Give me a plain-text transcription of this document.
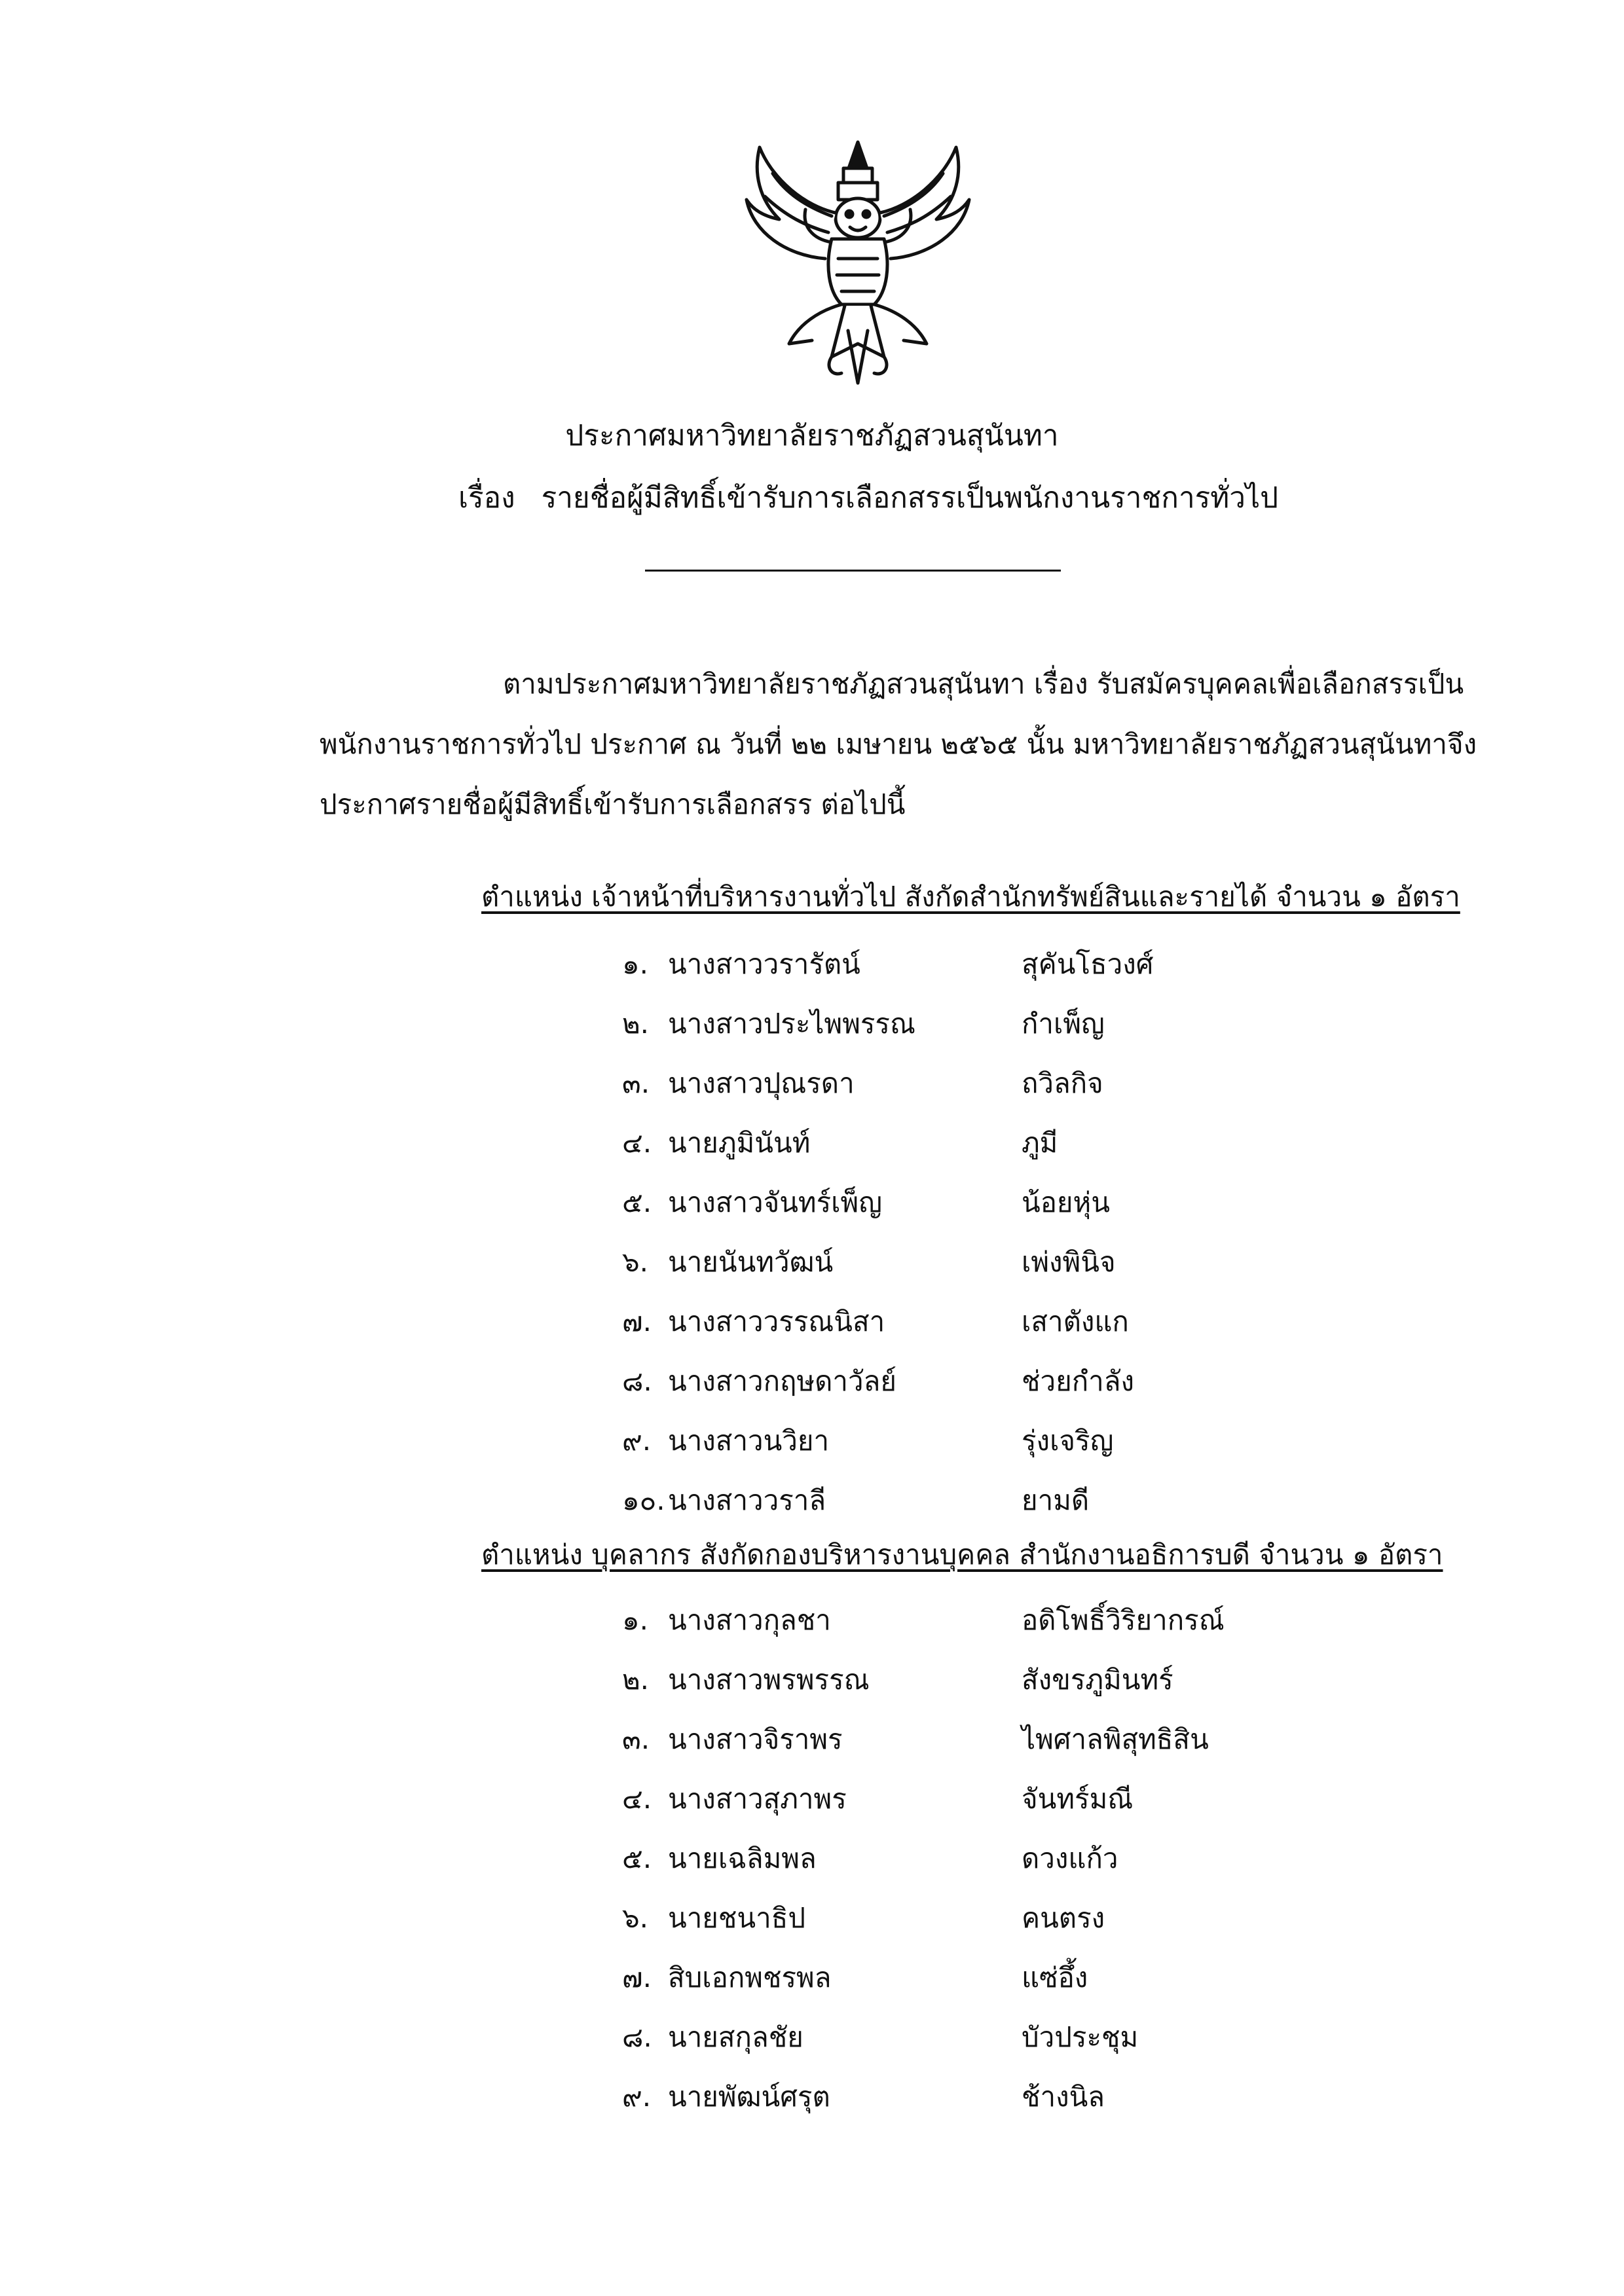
ประกาศมหาวิทยาลัยราชภัฏสวนสุนันทา
เรื่อง รายชื่อผู้มีสิทธิ์เข้ารับการเลือกสรรเป็นพนักงานราชการทั่วไป
ตามประกาศมหาวิทยาลัยราชภัฏสวนสุนันทา เรื่อง รับสมัครบุคคลเพื่อเลือกสรรเป็น
พนักงานราชการทั่วไป ประกาศ ณ วันที่ ๒๒ เมษายน ๒๕๖๕ นั้น มหาวิทยาลัยราชภัฏสวนสุนันทาจึง
ประกาศรายชื่อผู้มีสิทธิ์เข้ารับการเลือกสรร ต่อไปนี้
ตำแหน่ง เจ้าหน้าที่บริหารงานทั่วไป สังกัดสำนักทรัพย์สินและรายได้ จำนวน ๑ อัตรา
๑. นางสาววรารัตน์	สุคันโธวงศ์
๒. นางสาวประไพพรรณ	กำเพ็ญ
๓. นางสาวปุณรดา	ถวิลกิจ
๔. นายภูมินันท์	ภูมี
๕. นางสาวจันทร์เพ็ญ	น้อยหุ่น
๖. นายนันทวัฒน์	เพ่งพินิจ
๗. นางสาววรรณนิสา	เสาตังแก
๘. นางสาวกฤษดาวัลย์	ช่วยกำลัง
๙. นางสาวนวิยา	รุ่งเจริญ
๑๐. นางสาววราลี	ยามดี
ตำแหน่ง บุคลากร สังกัดกองบริหารงานบุคคล สำนักงานอธิการบดี จำนวน ๑ อัตรา
๑. นางสาวกุลชา	อดิโพธิ์วิริยากรณ์
๒. นางสาวพรพรรณ	สังขรภูมินทร์
๓. นางสาวจิราพร	ไพศาลพิสุทธิสิน
๔. นางสาวสุภาพร	จันทร์มณี
๕. นายเฉลิมพล	ดวงแก้ว
๖. นายชนาธิป	คนตรง
๗. สิบเอกพชรพล	แซ่อึ้ง
๘. นายสกุลชัย	บัวประชุม
๙. นายพัฒน์ศรุต	ช้างนิล
